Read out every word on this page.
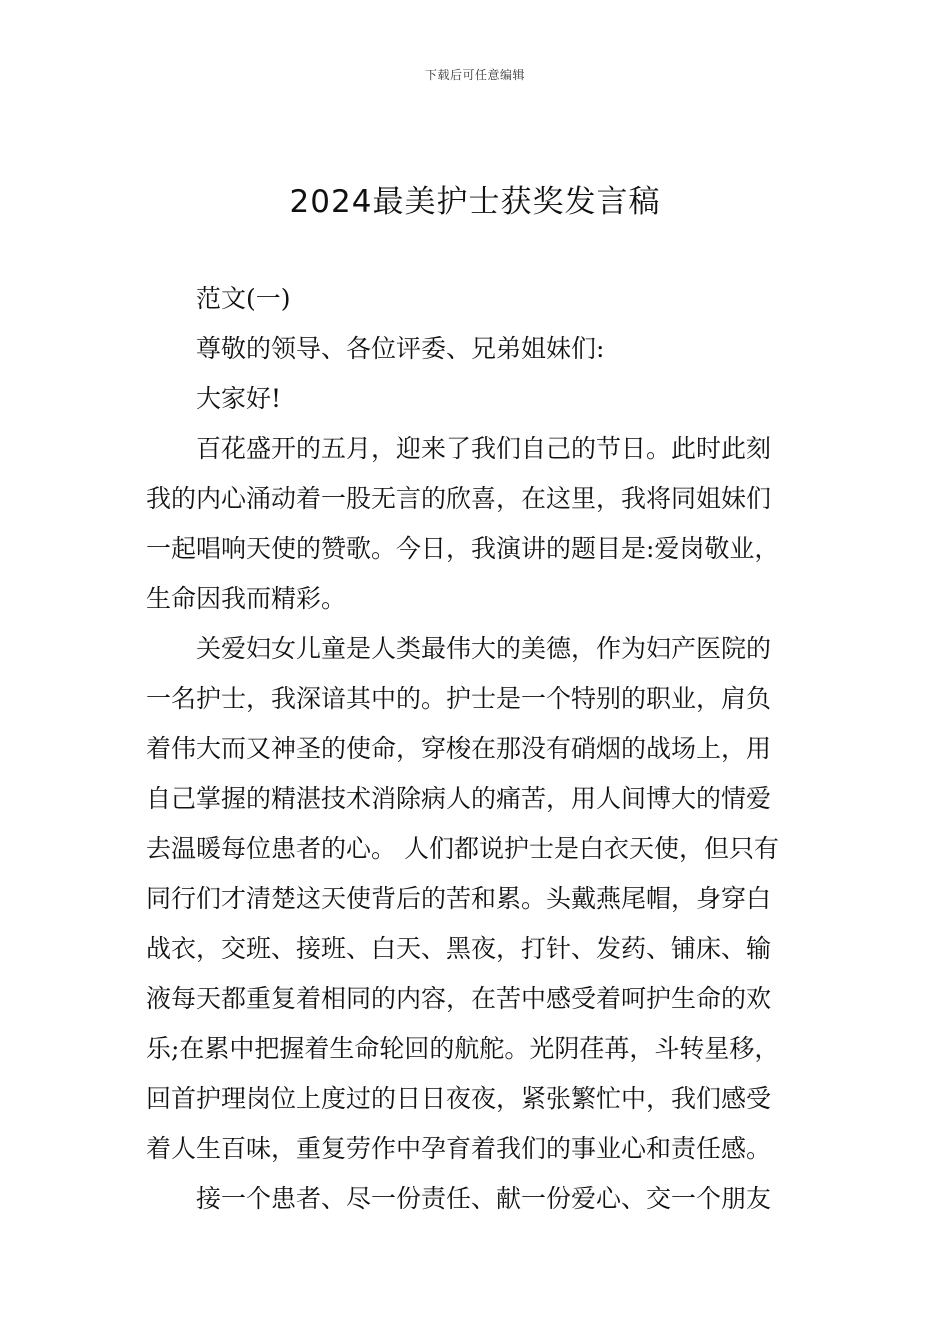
下载后可任意编辑
2024最美护士获奖发言稿
范文(一)
尊敬的领导、各位评委、兄弟姐妹们:
大家好!
百花盛开的五月，迎来了我们自己的节日。此时此刻
我的内心涌动着一股无言的欣喜，在这里，我将同姐妹们
一起唱响天使的赞歌。今日，我演讲的题目是:爱岗敬业，
生命因我而精彩。
关爱妇女儿童是人类最伟大的美德，作为妇产医院的
一名护士，我深谙其中的。护士是一个特别的职业，肩负
着伟大而又神圣的使命，穿梭在那没有硝烟的战场上，用
自己掌握的精湛技术消除病人的痛苦，用人间博大的情爱
去温暖每位患者的心。 人们都说护士是白衣天使，但只有
同行们才清楚这天使背后的苦和累。头戴燕尾帽，身穿白
战衣，交班、接班、白天、黑夜，打针、发药、铺床、输
液每天都重复着相同的内容，在苦中感受着呵护生命的欢
乐;在累中把握着生命轮回的航舵。光阴荏苒，斗转星移，
回首护理岗位上度过的日日夜夜，紧张繁忙中，我们感受
着人生百味，重复劳作中孕育着我们的事业心和责任感。
接一个患者、尽一份责任、献一份爱心、交一个朋友
